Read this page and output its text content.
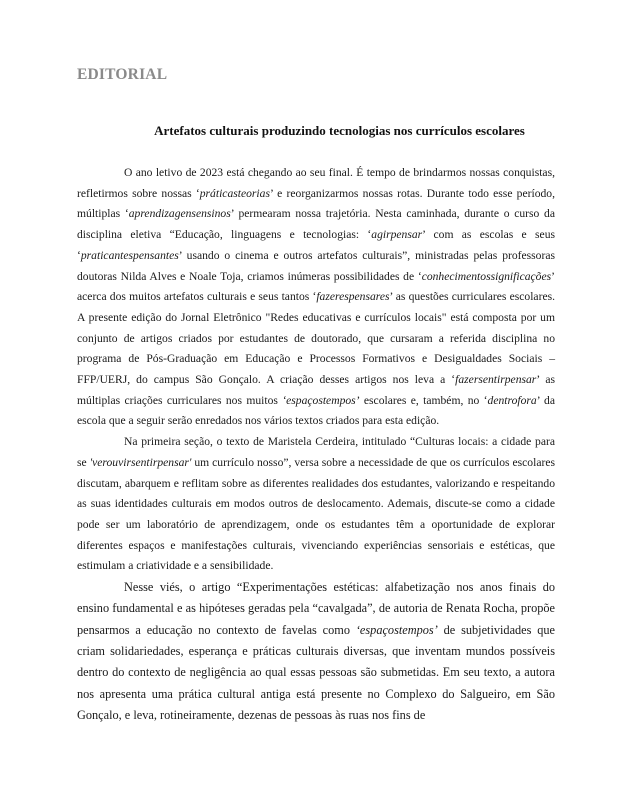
EDITORIAL
Artefatos culturais produzindo tecnologias nos currículos escolares

O ano letivo de 2023 está chegando ao seu final. É tempo de brindarmos nossas conquistas, refletirmos sobre nossas ‘práticasteorias’ e reorganizarmos nossas rotas. Durante todo esse período, múltiplas ‘aprendizagensensinos’ permearam nossa trajetória. Nesta caminhada, durante o curso da disciplina eletiva “Educação, linguagens e tecnologias: ‘agirpensar’ com as escolas e seus ‘praticantespensantes’ usando o cinema e outros artefatos culturais”, ministradas pelas professoras doutoras Nilda Alves e Noale Toja, criamos inúmeras possibilidades de ‘conhecimentossignificações’ acerca dos muitos artefatos culturais e seus tantos ‘fazerespensares’ as questões curriculares escolares. A presente edição do Jornal Eletrônico "Redes educativas e currículos locais" está composta por um conjunto de artigos criados por estudantes de doutorado, que cursaram a referida disciplina no programa de Pós-Graduação em Educação e Processos Formativos e Desigualdades Sociais – FFP/UERJ, do campus São Gonçalo. A criação desses artigos nos leva a ‘fazersentirpensar’ as múltiplas criações curriculares nos muitos ‘espaçostempos’ escolares e, também, no ‘dentrofora’ da escola que a seguir serão enredados nos vários textos criados para esta edição.

Na primeira seção, o texto de Maristela Cerdeira, intitulado “Culturas locais: a cidade para se 'verouvirsentirpensar' um currículo nosso”, versa sobre a necessidade de que os currículos escolares discutam, abarquem e reflitam sobre as diferentes realidades dos estudantes, valorizando e respeitando as suas identidades culturais em modos outros de deslocamento. Ademais, discute-se como a cidade pode ser um laboratório de aprendizagem, onde os estudantes têm a oportunidade de explorar diferentes espaços e manifestações culturais, vivenciando experiências sensoriais e estéticas, que estimulam a criatividade e a sensibilidade.

Nesse viés, o artigo “Experimentações estéticas: alfabetização nos anos finais do ensino fundamental e as hipóteses geradas pela “cavalgada”, de autoria de Renata Rocha, propõe pensarmos a educação no contexto de favelas como ‘espaçostempos’ de subjetividades que criam solidariedades, esperança e práticas culturais diversas, que inventam mundos possíveis dentro do contexto de negligência ao qual essas pessoas são submetidas. Em seu texto, a autora nos apresenta uma prática cultural antiga está presente no Complexo do Salgueiro, em São Gonçalo, e leva, rotineiramente, dezenas de pessoas às ruas nos fins de
